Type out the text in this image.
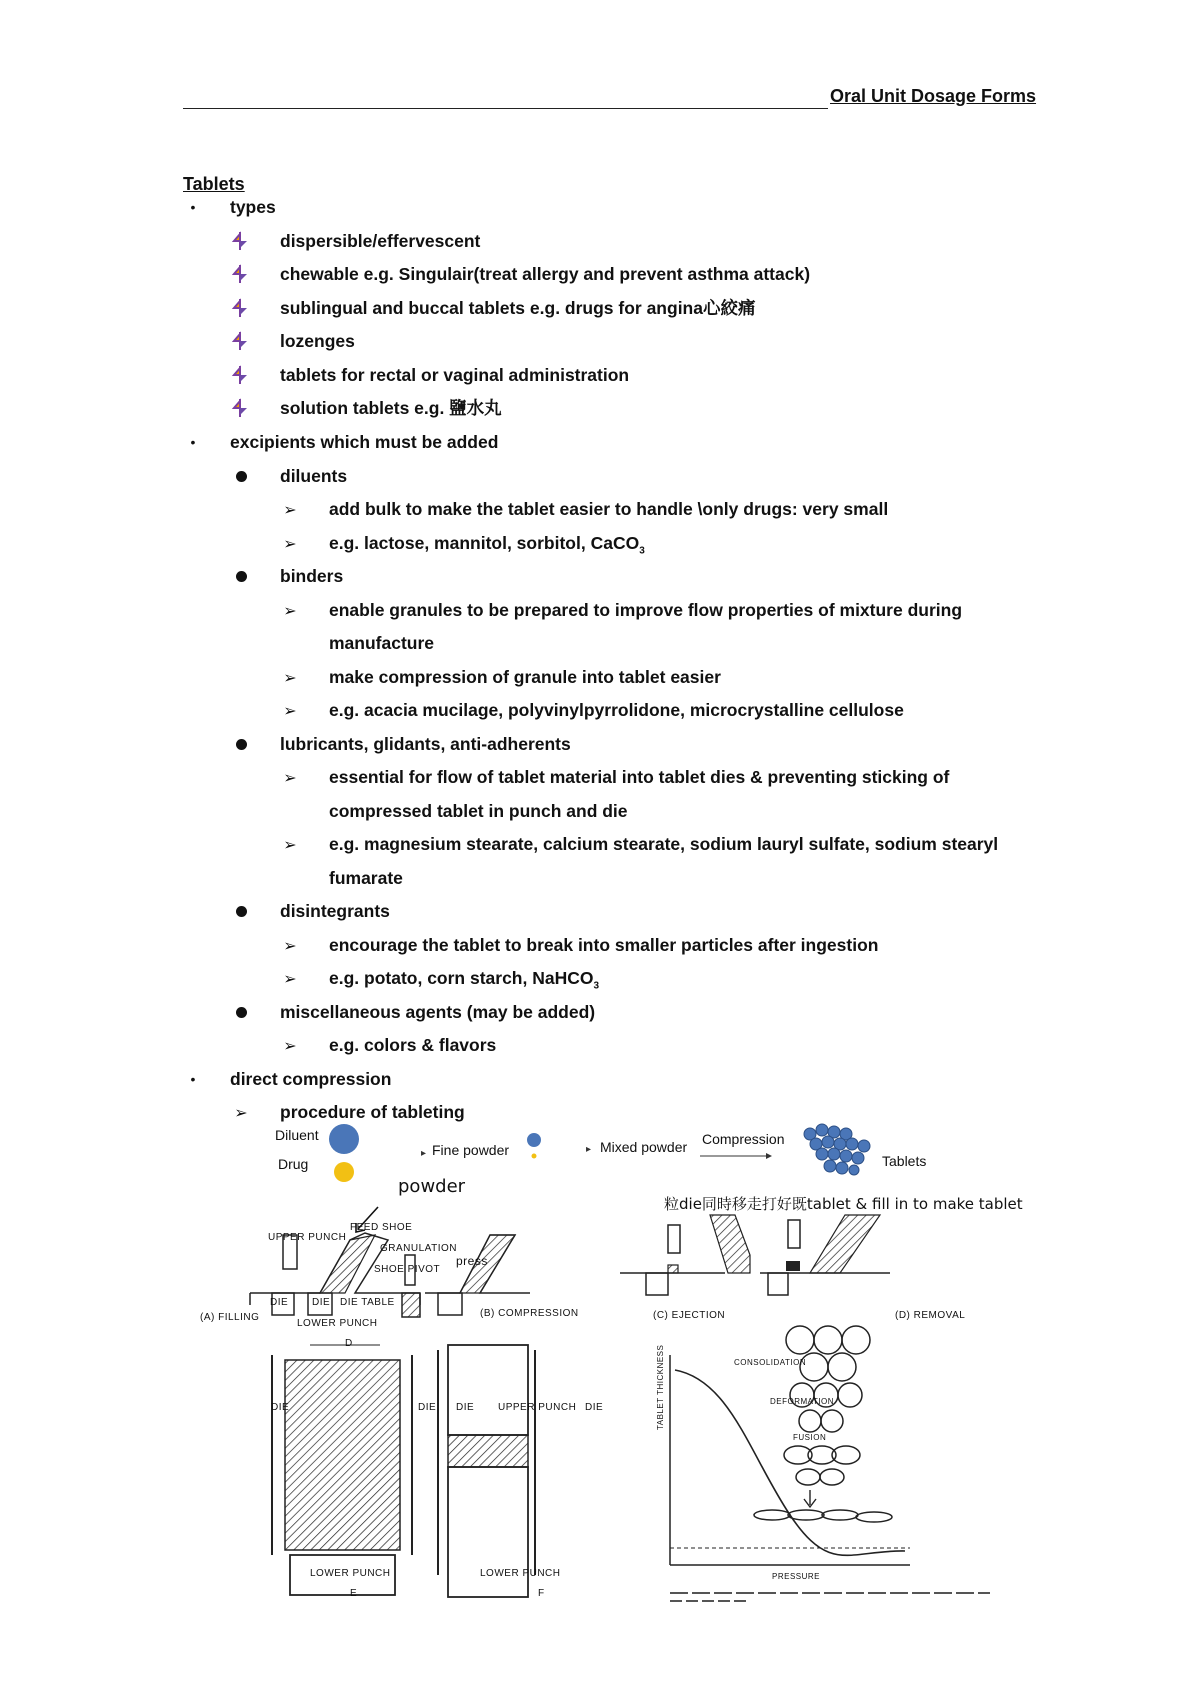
Oral Unit Dosage Forms
Tablets
•
types
dispersible/effervescent
chewable e.g. Singulair(treat allergy and prevent asthma attack)
sublingual and buccal tablets e.g. drugs for angina心絞痛
lozenges
tablets for rectal or vaginal administration
solution tablets e.g. 鹽水丸
•
excipients which must be added
diluents
➢
add bulk to make the tablet easier to handle \only drugs: very small
➢
e.g. lactose, mannitol, sorbitol, CaCO$_3$
binders
➢
enable granules to be prepared to improve flow properties of mixture during
manufacture
➢
make compression of granule into tablet easier
➢
e.g. acacia mucilage, polyvinylpyrrolidone, microcrystalline cellulose
lubricants, glidants, anti-adherents
➢
essential for flow of tablet material into tablet dies & preventing sticking of
compressed tablet in punch and die
➢
e.g. magnesium stearate, calcium stearate, sodium lauryl sulfate, sodium stearyl
fumarate
disintegrants
➢
encourage the tablet to break into smaller particles after ingestion
➢
e.g. potato, corn starch, NaHCO$_3$
miscellaneous agents (may be added)
➢
e.g. colors & flavors
•
direct compression
➢
procedure of tableting
Diluent
Drug
▸	▸
Fine powder	Mixed powder Compression
Tablets
powder
粒die同時移走打好既tablet & fill in to make tablet
UPPER PUNCH
FEED SHOE
GRANULATION
press
SHOE PIVOT
DIE DIE DIE TABLE
LOWER PUNCH
(A) FILLING	(B) COMPRESSION	(C) EJECTION	(D) REMOVAL
D
DIE	DIE DIE	DIE
UPPER PUNCH
LOWER PUNCH	LOWER PUNCH
E	F
CONSOLIDATION
DEFORMATION
FUSION
TABLET THICKNESS
PRESSURE
